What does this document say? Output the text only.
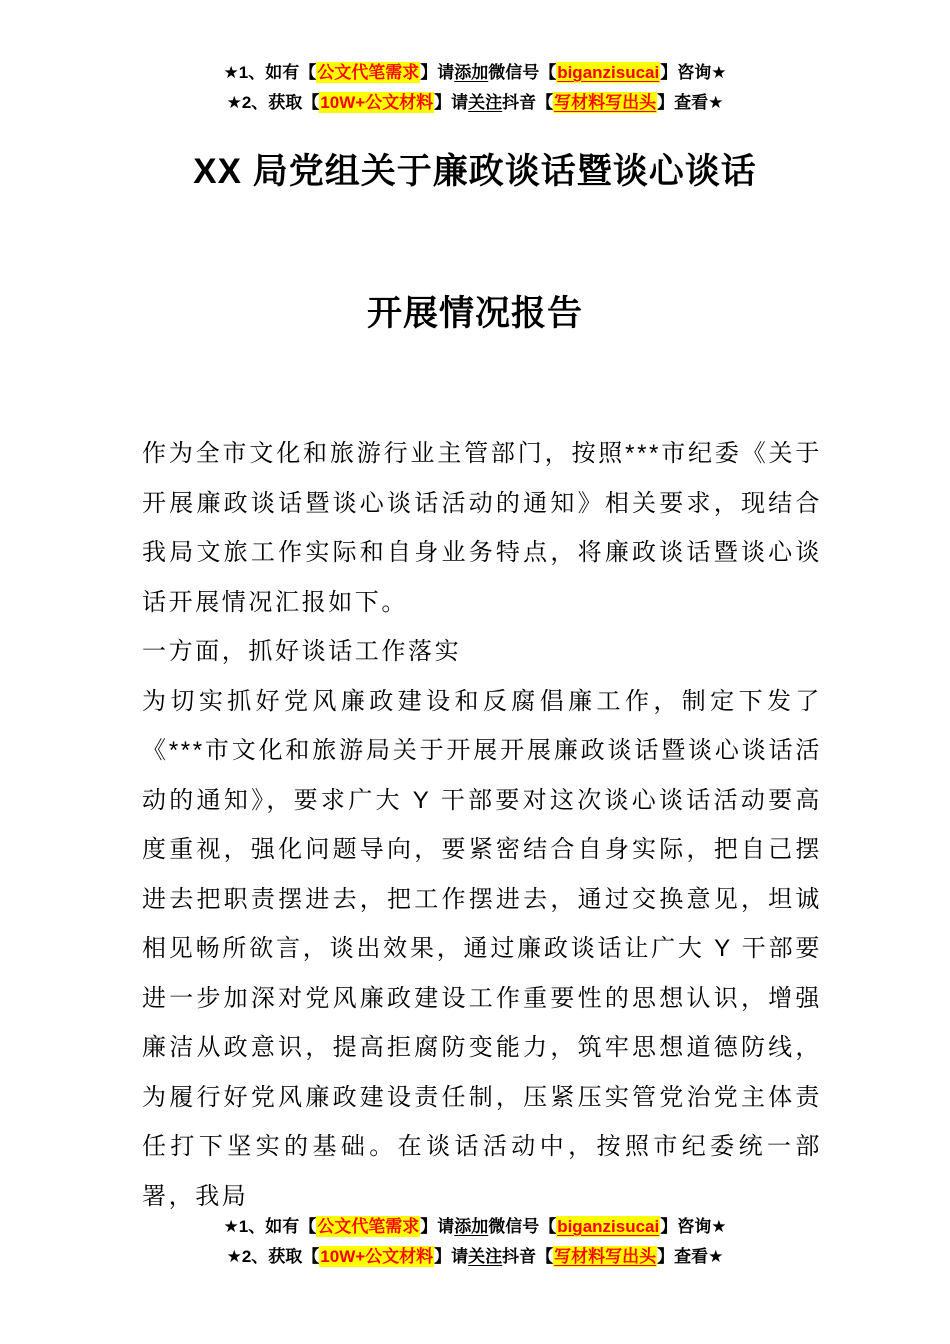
★1、如有【公文代笔需求】请添加微信号【biganzisucai】咨询★
★2、获取【10W+公文材料】请关注抖音【写材料写出头】查看★
XX 局党组关于廉政谈话暨谈心谈话
开展情况报告

作为全市文化和旅游行业主管部门，按照***市纪委《关于开展廉政谈话暨谈心谈话活动的通知》相关要求，现结合我局文旅工作实际和自身业务特点，将廉政谈话暨谈心谈话开展情况汇报如下。

一方面，抓好谈话工作落实

为切实抓好党风廉政建设和反腐倡廉工作，制定下发了《***市文化和旅游局关于开展开展廉政谈话暨谈心谈话活动的通知》，要求广大 Y 干部要对这次谈心谈话活动要高度重视，强化问题导向，要紧密结合自身实际，把自己摆进去把职责摆进去，把工作摆进去，通过交换意见，坦诚相见畅所欲言，谈出效果，通过廉政谈话让广大 Y 干部要进一步加深对党风廉政建设工作重要性的思想认识，增强廉洁从政意识，提高拒腐防变能力，筑牢思想道德防线，为履行好党风廉政建设责任制，压紧压实管党治党主体责任打下坚实的基础。在谈话活动中，按照市纪委统一部署，我局

★1、如有【公文代笔需求】请添加微信号【biganzisucai】咨询★
★2、获取【10W+公文材料】请关注抖音【写材料写出头】查看★
